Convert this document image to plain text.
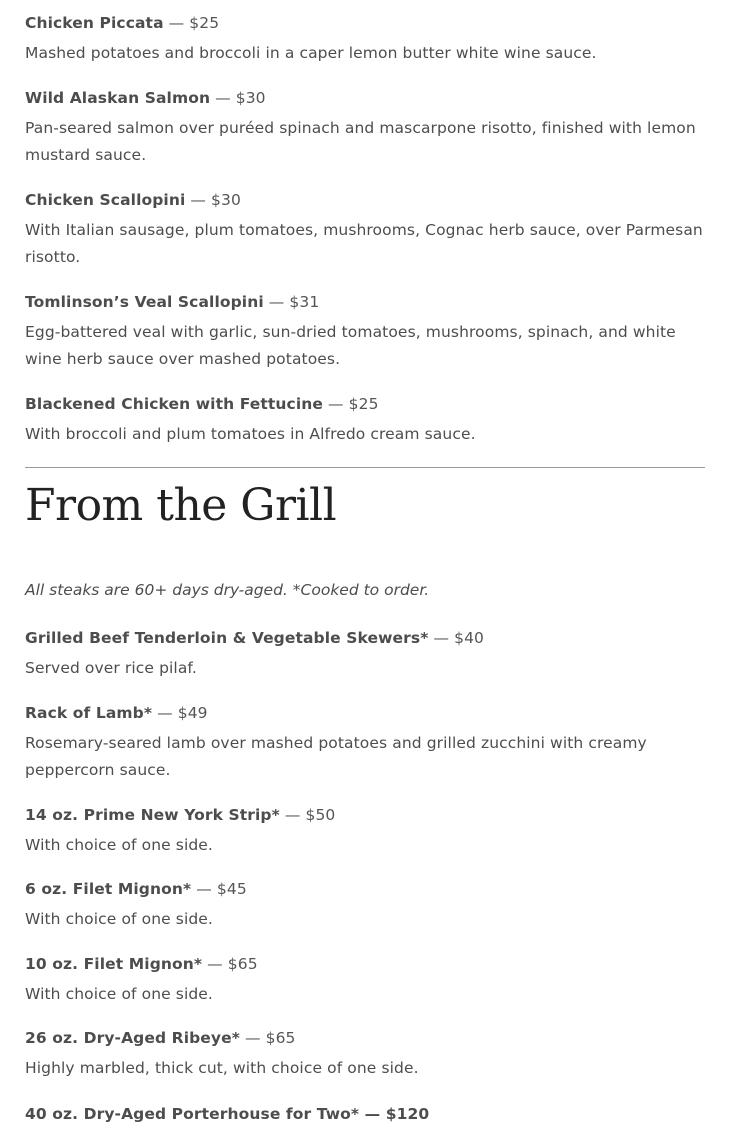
Chicken Piccata — $25

Mashed potatoes and broccoli in a caper lemon butter white wine sauce.

Wild Alaskan Salmon — $30

Pan-seared salmon over puréed spinach and mascarpone risotto, finished with lemon mustard sauce.

Chicken Scallopini — $30

With Italian sausage, plum tomatoes, mushrooms, Cognac herb sauce, over Parmesan risotto.

Tomlinson’s Veal Scallopini — $31

Egg-battered veal with garlic, sun-dried tomatoes, mushrooms, spinach, and white wine herb sauce over mashed potatoes.

Blackened Chicken with Fettucine — $25

With broccoli and plum tomatoes in Alfredo cream sauce.

From the Grill

All steaks are 60+ days dry-aged. *Cooked to order.

Grilled Beef Tenderloin & Vegetable Skewers* — $40

Served over rice pilaf.

Rack of Lamb* — $49

Rosemary-seared lamb over mashed potatoes and grilled zucchini with creamy peppercorn sauce.

14 oz. Prime New York Strip* — $50

With choice of one side.

6 oz. Filet Mignon* — $45

With choice of one side.

10 oz. Filet Mignon* — $65

With choice of one side.

26 oz. Dry-Aged Ribeye* — $65

Highly marbled, thick cut, with choice of one side.

40 oz. Dry-Aged Porterhouse for Two* — $120
